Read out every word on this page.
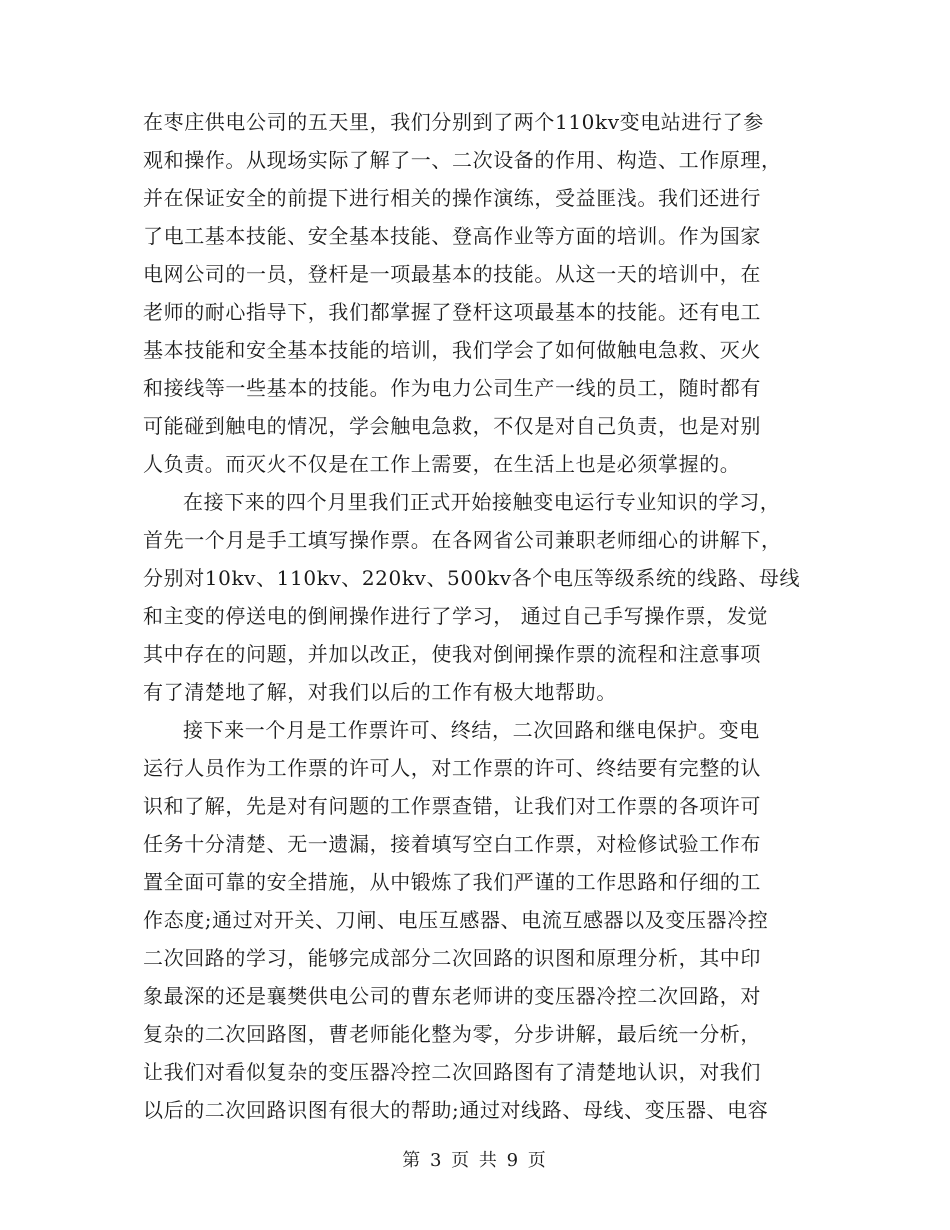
在枣庄供电公司的五天里，我们分别到了两个110kv变电站进行了参
观和操作。从现场实际了解了一、二次设备的作用、构造、工作原理，
并在保证安全的前提下进行相关的操作演练，受益匪浅。我们还进行
了电工基本技能、安全基本技能、登高作业等方面的培训。作为国家
电网公司的一员，登杆是一项最基本的技能。从这一天的培训中，在
老师的耐心指导下，我们都掌握了登杆这项最基本的技能。还有电工
基本技能和安全基本技能的培训，我们学会了如何做触电急救、灭火
和接线等一些基本的技能。作为电力公司生产一线的员工，随时都有
可能碰到触电的情况，学会触电急救，不仅是对自己负责，也是对别
人负责。而灭火不仅是在工作上需要，在生活上也是必须掌握的。
在接下来的四个月里我们正式开始接触变电运行专业知识的学习，
首先一个月是手工填写操作票。在各网省公司兼职老师细心的讲解下，
分别对10kv、110kv、220kv、500kv各个电压等级系统的线路、母线
和主变的停送电的倒闸操作进行了学习， 通过自己手写操作票，发觉
其中存在的问题，并加以改正，使我对倒闸操作票的流程和注意事项
有了清楚地了解，对我们以后的工作有极大地帮助。
接下来一个月是工作票许可、终结，二次回路和继电保护。变电
运行人员作为工作票的许可人，对工作票的许可、终结要有完整的认
识和了解，先是对有问题的工作票查错，让我们对工作票的各项许可
任务十分清楚、无一遗漏，接着填写空白工作票，对检修试验工作布
置全面可靠的安全措施，从中锻炼了我们严谨的工作思路和仔细的工
作态度;通过对开关、刀闸、电压互感器、电流互感器以及变压器冷控
二次回路的学习，能够完成部分二次回路的识图和原理分析，其中印
象最深的还是襄樊供电公司的曹东老师讲的变压器冷控二次回路，对
复杂的二次回路图，曹老师能化整为零，分步讲解，最后统一分析，
让我们对看似复杂的变压器冷控二次回路图有了清楚地认识，对我们
以后的二次回路识图有很大的帮助;通过对线路、母线、变压器、电容
第 3 页 共 9 页
